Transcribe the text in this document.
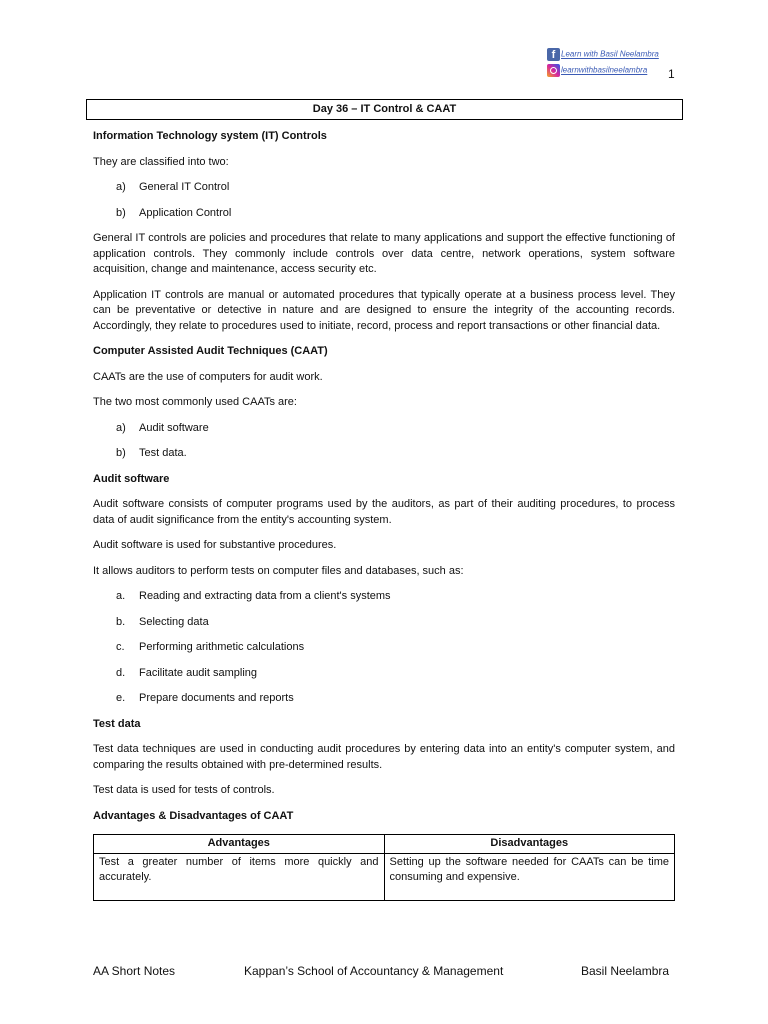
f Learn with Basil Neelambra
learnwithbasilneelambra 1
Day 36 – IT Control & CAAT
Information Technology system (IT) Controls

They are classified into two:

a)	General IT Control
b)	Application Control

General IT controls are policies and procedures that relate to many applications and support the effective functioning of application controls. They commonly include controls over data centre, network operations, system software acquisition, change and maintenance, access security etc.

Application IT controls are manual or automated procedures that typically operate at a business process level. They can be preventative or detective in nature and are designed to ensure the integrity of the accounting records. Accordingly, they relate to procedures used to initiate, record, process and report transactions or other financial data.

Computer Assisted Audit Techniques (CAAT)

CAATs are the use of computers for audit work.

The two most commonly used CAATs are:

a)	Audit software
b)	Test data.
Audit software

Audit software consists of computer programs used by the auditors, as part of their auditing procedures, to process data of audit significance from the entity's accounting system.

Audit software is used for substantive procedures.

It allows auditors to perform tests on computer files and databases, such as:

a.	Reading and extracting data from a client's systems
b.	Selecting data
c.	Performing arithmetic calculations
d.	Facilitate audit sampling
e.	Prepare documents and reports
Test data

Test data techniques are used in conducting audit procedures by entering data into an entity's computer system, and comparing the results obtained with pre-determined results.

Test data is used for tests of controls.

Advantages & Disadvantages of CAAT
Advantages	Disadvantages
Test a greater number of items more quickly and accurately.	Setting up the software needed for CAATs can be time consuming and expensive.
AA Short Notes	Kappan’s School of Accountancy & Management	Basil Neelambra
